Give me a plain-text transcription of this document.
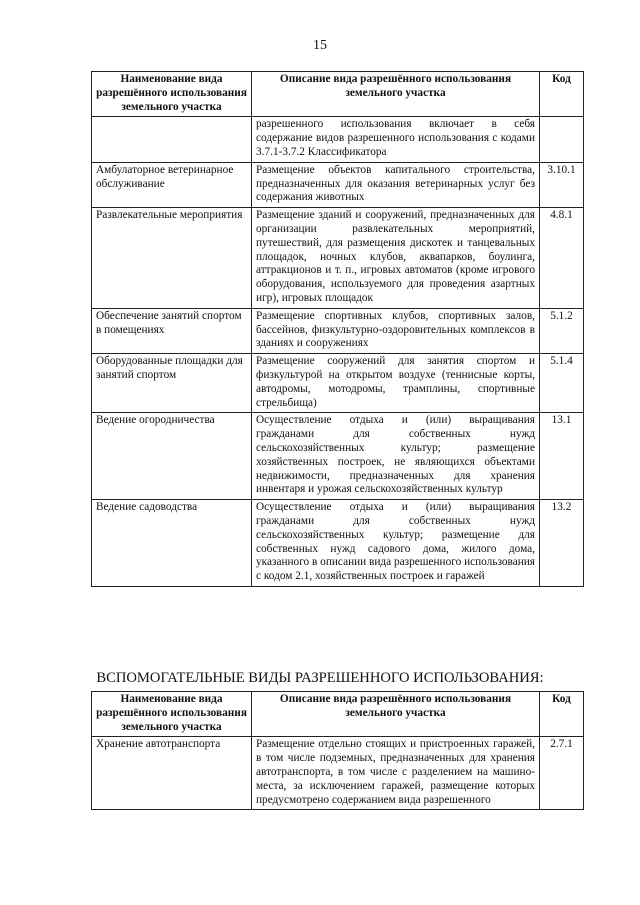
15
Наименование вида разрешённого использования земельного участка	Описание вида разрешённого использования земельного участка	Код
	разрешенного использования включает в себя содержание видов разрешенного использования с кодами 3.7.1-3.7.2 Классификатора	
Амбулаторное ветеринарное обслуживание	Размещение объектов капитального строительства, предназначенных для оказания ветеринарных услуг без содержания животных	3.10.1
Развлекательные мероприятия	Размещение зданий и сооружений, предназначенных для организации развлекательных мероприятий, путешествий, для размещения дискотек и танцевальных площадок, ночных клубов, аквапарков, боулинга, аттракционов и т. п., игровых автоматов (кроме игрового оборудования, используемого для проведения азартных игр), игровых площадок	4.8.1
Обеспечение занятий спортом в помещениях	Размещение спортивных клубов, спортивных залов, бассейнов, физкультурно-оздоровительных комплексов в зданиях и сооружениях	5.1.2
Оборудованные площадки для занятий спортом	Размещение сооружений для занятия спортом и физкультурой на открытом воздухе (теннисные корты, автодромы, мотодромы, трамплины, спортивные стрельбища)	5.1.4
Ведение огородничества	Осуществление отдыха и (или) выращивания гражданами для собственных нужд сельскохозяйственных культур; размещение хозяйственных построек, не являющихся объектами недвижимости, предназначенных для хранения инвентаря и урожая сельскохозяйственных культур	13.1
Ведение садоводства	Осуществление отдыха и (или) выращивания гражданами для собственных нужд сельскохозяйственных культур; размещение для собственных нужд садового дома, жилого дома, указанного в описании вида разрешенного использования с кодом 2.1, хозяйственных построек и гаражей	13.2
ВСПОМОГАТЕЛЬНЫЕ ВИДЫ РАЗРЕШЕННОГО ИСПОЛЬЗОВАНИЯ:
Наименование вида разрешённого использования земельного участка	Описание вида разрешённого использования земельного участка	Код
Хранение автотранспорта	Размещение отдельно стоящих и пристроенных гаражей, в том числе подземных, предназначенных для хранения автотранспорта, в том числе с разделением на машино-места, за исключением гаражей, размещение которых предусмотрено содержанием вида разрешенного	2.7.1
